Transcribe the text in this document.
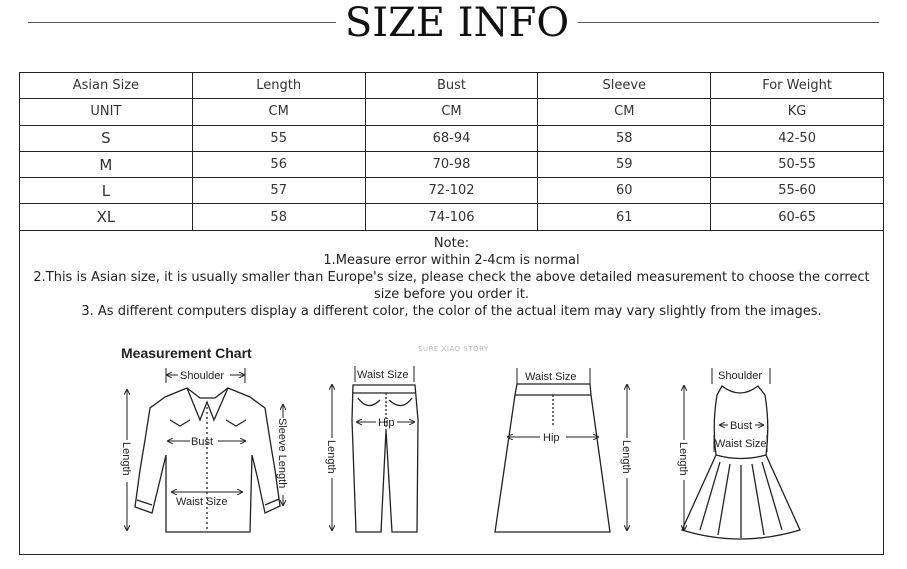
SIZE INFO
Asian Size	Length	Bust	Sleeve	For Weight
UNIT	CM	CM	CM	KG
S	55	68-94	58	42-50
M	56	70-98	59	50-55
L	57	72-102	60	55-60
XL	58	74-106	61	60-65
Note:
1.Measure error within 2-4cm is normal
2.This is Asian size, it is usually smaller than Europe's size, please check the above detailed measurement to choose the correct size before you order it.
3. As different computers display a different color, the color of the actual item may vary slightly from the images.
Measurement Chart	SURE XIAO STORY
Shoulder
Bust
Waist Size
Length	Sleeve Length
Waist Size
Hip
Length
Waist Size
Hip
Length
Shoulder
Bust
Waist Size
Length
